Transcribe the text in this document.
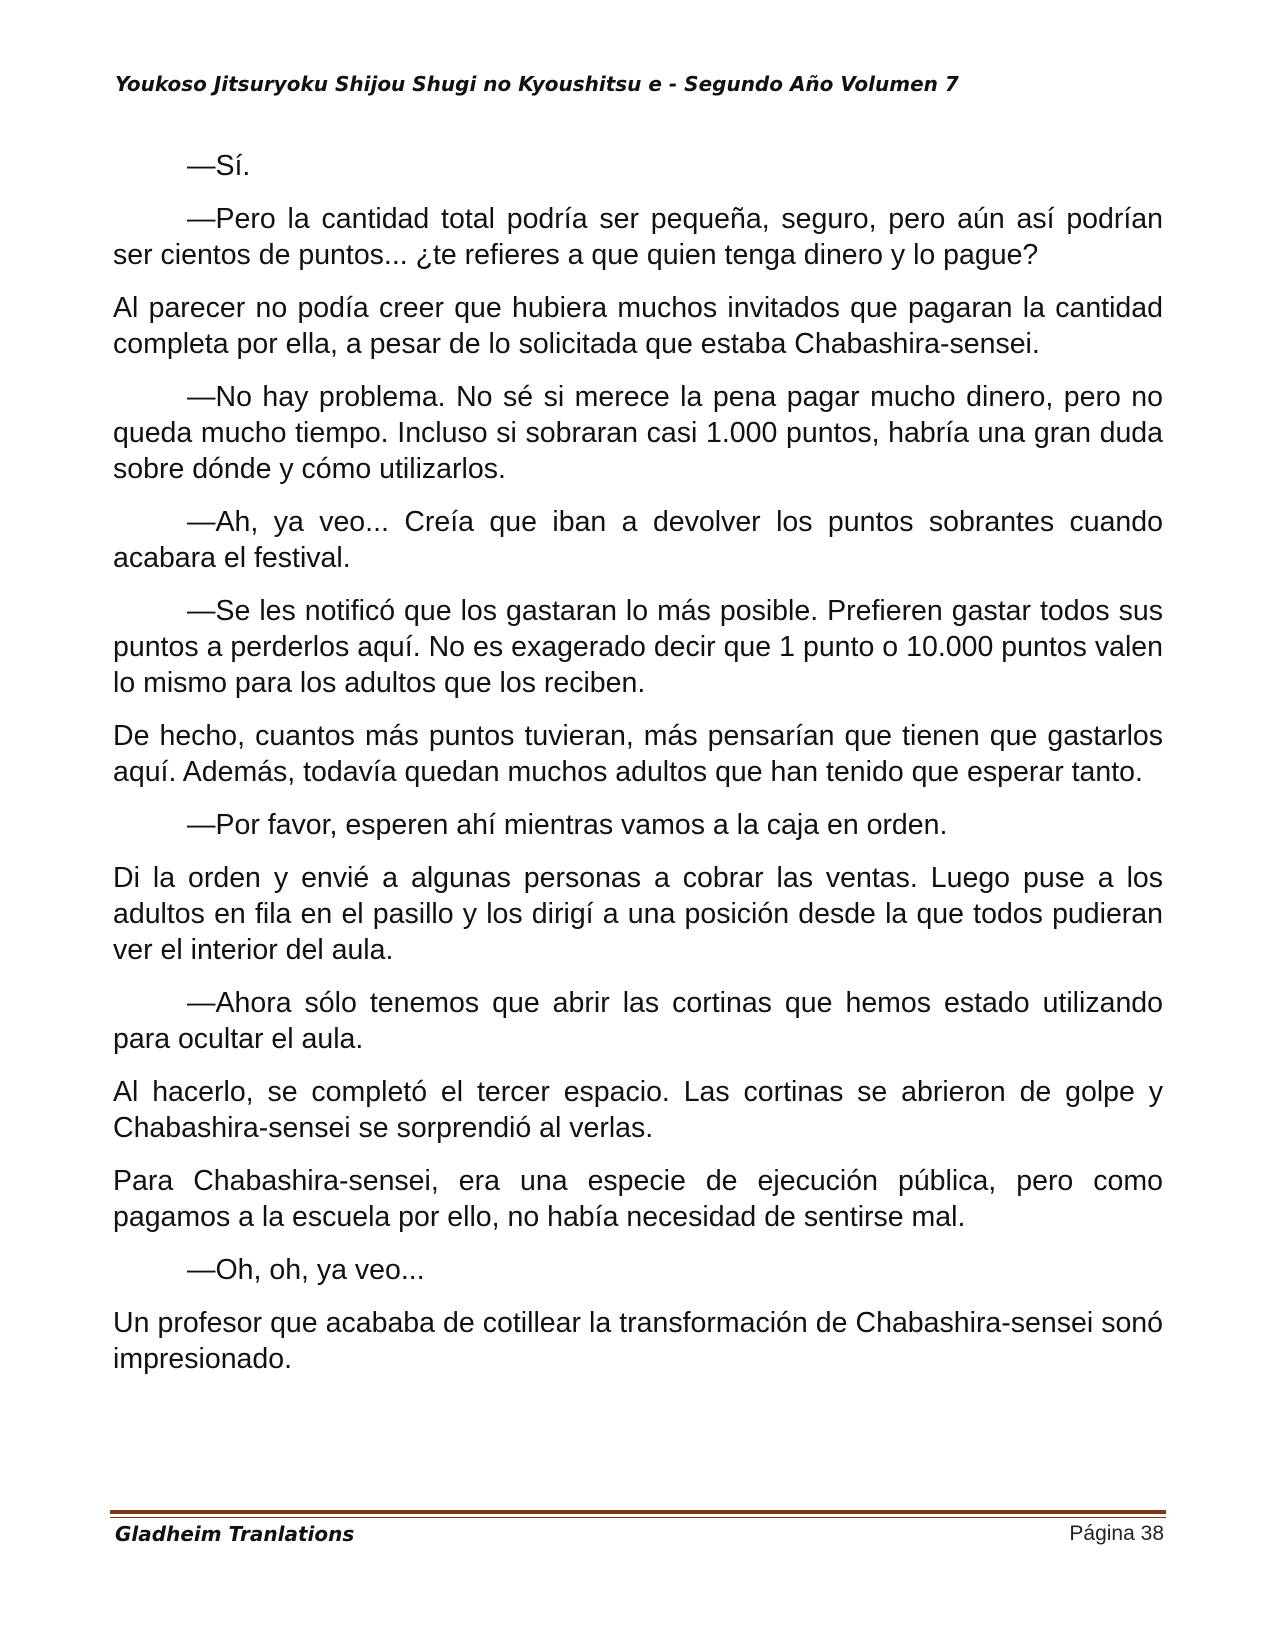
Youkoso Jitsuryoku Shijou Shugi no Kyoushitsu e - Segundo Año Volumen 7

—Sí.

—Pero la cantidad total podría ser pequeña, seguro, pero aún así podrían ser cientos de puntos... ¿te refieres a que quien tenga dinero y lo pague?

Al parecer no podía creer que hubiera muchos invitados que pagaran la cantidad completa por ella, a pesar de lo solicitada que estaba Chabashira-sensei.

—No hay problema. No sé si merece la pena pagar mucho dinero, pero no queda mucho tiempo. Incluso si sobraran casi 1.000 puntos, habría una gran duda sobre dónde y cómo utilizarlos.

—Ah, ya veo... Creía que iban a devolver los puntos sobrantes cuando acabara el festival.

—Se les notificó que los gastaran lo más posible. Prefieren gastar todos sus puntos a perderlos aquí. No es exagerado decir que 1 punto o 10.000 puntos valen lo mismo para los adultos que los reciben.

De hecho, cuantos más puntos tuvieran, más pensarían que tienen que gastarlos aquí. Además, todavía quedan muchos adultos que han tenido que esperar tanto.

—Por favor, esperen ahí mientras vamos a la caja en orden.

Di la orden y envié a algunas personas a cobrar las ventas. Luego puse a los adultos en fila en el pasillo y los dirigí a una posición desde la que todos pudieran ver el interior del aula.

—Ahora sólo tenemos que abrir las cortinas que hemos estado utilizando para ocultar el aula.

Al hacerlo, se completó el tercer espacio. Las cortinas se abrieron de golpe y Chabashira-sensei se sorprendió al verlas.

Para Chabashira-sensei, era una especie de ejecución pública, pero como pagamos a la escuela por ello, no había necesidad de sentirse mal.

—Oh, oh, ya veo...

Un profesor que acababa de cotillear la transformación de Chabashira-sensei sonó impresionado.

Gladheim Tranlations	Página 38
